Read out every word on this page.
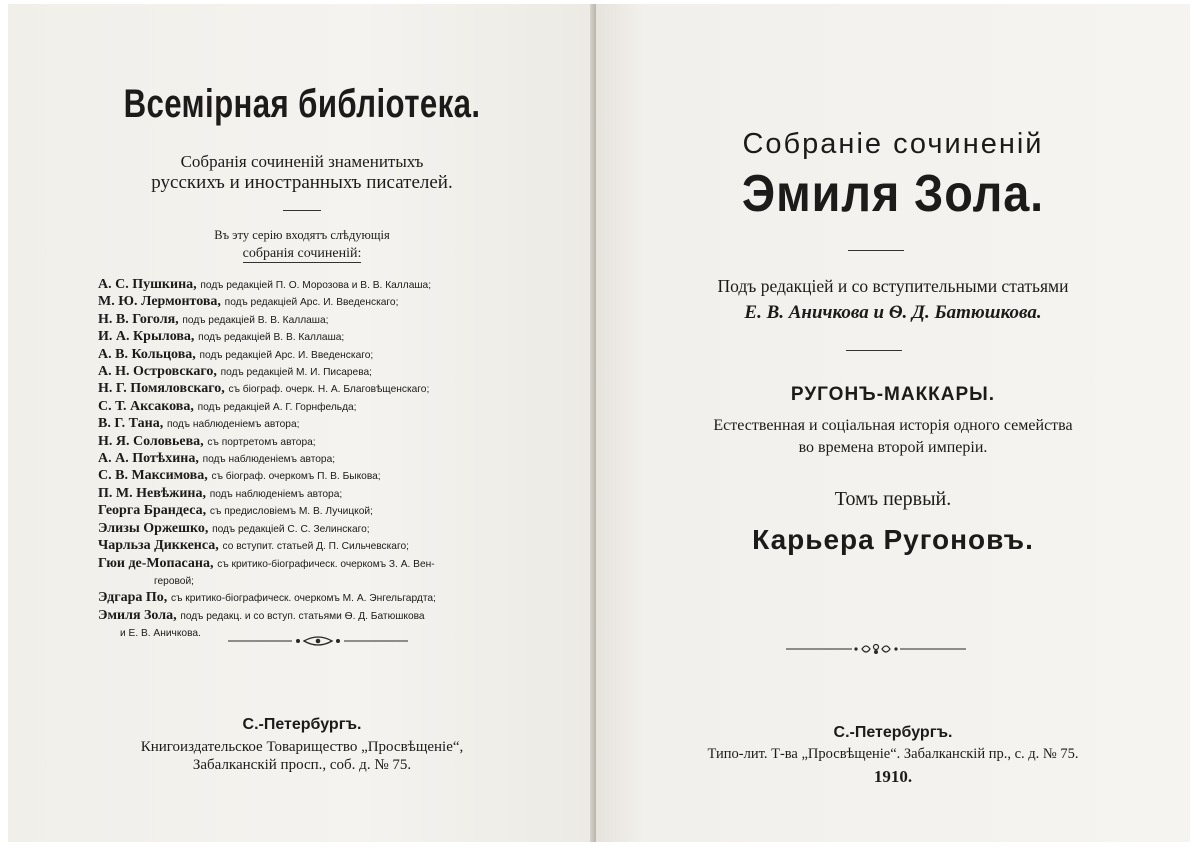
Всемiрная библiотека.
Собранія сочиненій знаменитыхъ
русскихъ и иностранныхъ писателей.
Въ эту серію входятъ слѣдующія
собранія сочиненій:
А. С. Пушкина, подъ редакціей П. О. Морозова и В. В. Каллаша;
М. Ю. Лермонтова, подъ редакціей Арс. И. Введенскаго;
Н. В. Гоголя, подъ редакціей В. В. Каллаша;
И. А. Крылова, подъ редакціей В. В. Каллаша;
А. В. Кольцова, подъ редакціей Арс. И. Введенскаго;
А. Н. Островскаго, подъ редакціей М. И. Писарева;
Н. Г. Помяловскаго, съ біограф. очерк. Н. А. Благовѣщенскаго;
С. Т. Аксакова, подъ редакціей А. Г. Горнфельда;
В. Г. Тана, подъ наблюденіемъ автора;
Н. Я. Соловьева, съ портретомъ автора;
А. А. Потѣхина, подъ наблюденіемъ автора;
С. В. Максимова, съ біограф. очеркомъ П. В. Быкова;
П. М. Невѣжина, подъ наблюденіемъ автора;
Георга Брандеса, съ предисловіемъ М. В. Лучицкой;
Элизы Оржешко, подъ редакціей С. С. Зелинскаго;
Чарльза Диккенса, со вступит. статьей Д. П. Сильчевскаго;
Гюи де-Мопасана, съ критико-біографическ. очеркомъ З. А. Вен-
геровой;
Эдгара По, съ критико-біографическ. очеркомъ М. А. Энгельгардта;
Эмиля Зола, подъ редакц. и со вступ. статьями Ѳ. Д. Батюшкова
и Е. В. Аничкова.
С.-Петербургъ.
Книгоиздательское Товарищество „Просвѣщеніе“,
Забалканскій просп., соб. д. № 75.
Собраніе сочиненій
Эмиля Зола.
Подъ редакціей и со вступительными статьями
Е. В. Аничкова и Ѳ. Д. Батюшкова.
РУГОНЪ-МАККАРЫ.
Естественная и соціальная исторія одного семейства
во времена второй имперіи.
Томъ первый.
Карьера Ругоновъ.
С.-Петербургъ.
Типо-лит. Т-ва „Просвѣщеніе“. Забалканскій пр., с. д. № 75.
1910.
